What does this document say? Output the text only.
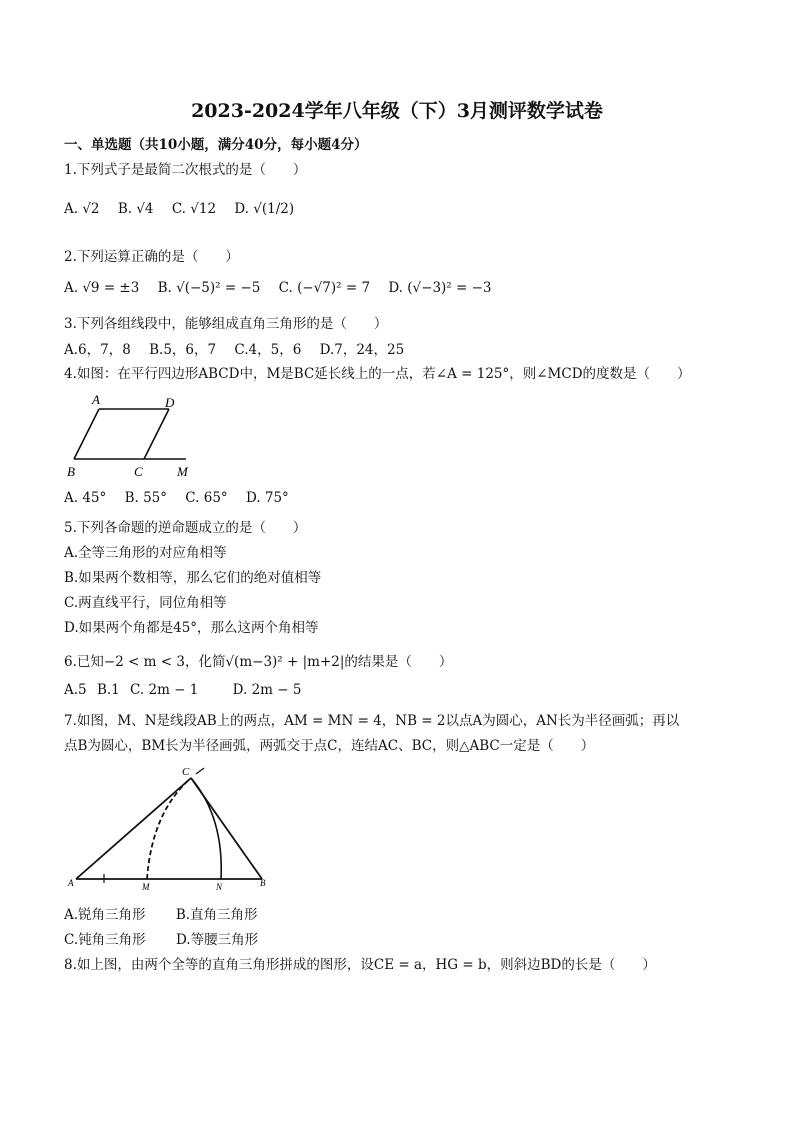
2023-2024学年八年级（下）3月测评数学试卷
一、单选题（共10小题，满分40分，每小题4分）
1.下列式子是最简二次根式的是（　　）
A. √2 B. √4 C. √12 D. √(1/2)
2.下列运算正确的是（　　）
A. √9 = ±3 B. √(−5)² = −5 C. (−√7)² = 7 D. (√−3)² = −3
3.下列各组线段中，能够组成直角三角形的是（　　）
A.6，7，8 B.5，6，7 C.4，5，6 D.7，24，25
4.如图：在平行四边形ABCD中，M是BC延长线上的一点，若∠A = 125°，则∠MCD的度数是（　　）
A	D
B	C	M
A. 45° B. 55° C. 65° D. 75°
5.下列各命题的逆命题成立的是（　　）
A.全等三角形的对应角相等
B.如果两个数相等，那么它们的绝对值相等
C.两直线平行，同位角相等
D.如果两个角都是45°，那么这两个角相等
6.已知−2 < m < 3，化简√(m−3)² + |m+2|的结果是（　　）
A.5 B.1 C. 2m − 1	D. 2m − 5
7.如图，M、N是线段AB上的两点，AM = MN = 4，NB = 2以点A为圆心，AN长为半径画弧；再以
点B为圆心，BM长为半径画弧，两弧交于点C，连结AC、BC，则△ABC一定是（　　）
C
A	M	N	B
A.锐角三角形 B.直角三角形
C.钝角三角形 D.等腰三角形
8.如上图，由两个全等的直角三角形拼成的图形，设CE = a，HG = b，则斜边BD的长是（　　）
